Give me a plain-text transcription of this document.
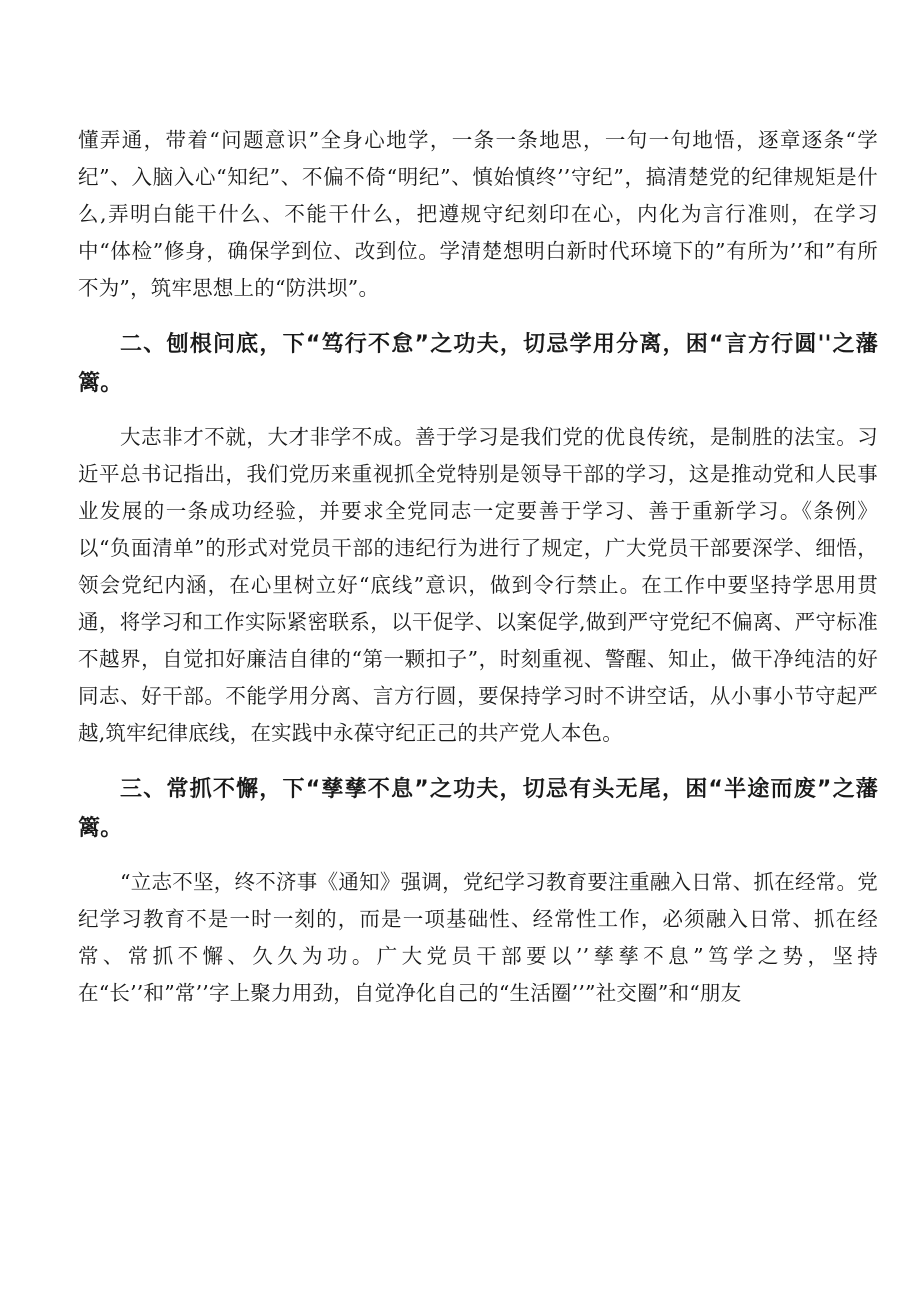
懂弄通，带着“问题意识”全身心地学，一条一条地思，一句一句地悟，逐章逐条“学纪”、入脑入心“知纪”、不偏不倚“明纪”、慎始慎终’’守纪”，搞清楚党的纪律规矩是什么,弄明白能干什么、不能干什么，把遵规守纪刻印在心，内化为言行准则，在学习中“体检”修身，确保学到位、改到位。学清楚想明白新时代环境下的”有所为’’和”有所不为”，筑牢思想上的“防洪坝”。

二、刨根问底，下“笃行不怠”之功夫，切忌学用分离，困“言方行圆''之藩篱。

大志非才不就，大才非学不成。善于学习是我们党的优良传统，是制胜的法宝。习近平总书记指出，我们党历来重视抓全党特别是领导干部的学习，这是推动党和人民事业发展的一条成功经验，并要求全党同志一定要善于学习、善于重新学习。《条例》以“负面清单”的形式对党员干部的违纪行为进行了规定，广大党员干部要深学、细悟，领会党纪内涵，在心里树立好“底线”意识，做到令行禁止。在工作中要坚持学思用贯通，将学习和工作实际紧密联系，以干促学、以案促学,做到严守党纪不偏离、严守标准不越界，自觉扣好廉洁自律的“第一颗扣子”，时刻重视、警醒、知止，做干净纯洁的好同志、好干部。不能学用分离、言方行圆，要保持学习时不讲空话，从小事小节守起严越,筑牢纪律底线，在实践中永葆守纪正己的共产党人本色。

三、常抓不懈，下“孳孳不息”之功夫，切忌有头无尾，困“半途而废”之藩篱。

“立志不坚，终不济事《通知》强调，党纪学习教育要注重融入日常、抓在经常。党纪学习教育不是一时一刻的，而是一项基础性、经常性工作，必须融入日常、抓在经常、常抓不懈、久久为功。广大党员干部要以’’孳孳不息”笃学之势，坚持在“长’’和”常’’字上聚力用劲，自觉净化自己的“生活圈’’”社交圈”和“朋友
